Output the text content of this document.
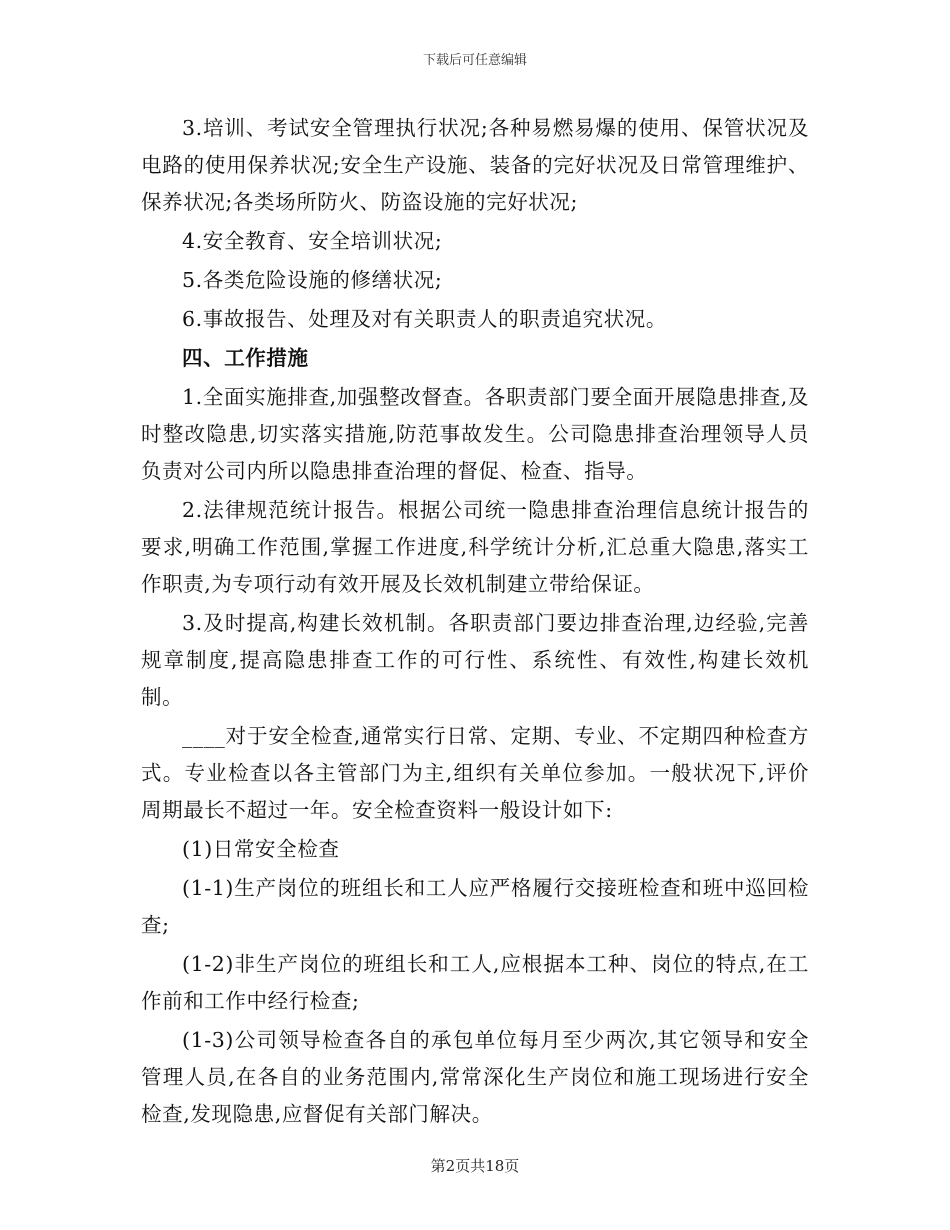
下载后可任意编辑

3.培训、考试安全管理执行状况;各种易燃易爆的使用、保管状况及电路的使用保养状况;安全生产设施、装备的完好状况及日常管理维护、保养状况;各类场所防火、防盗设施的完好状况;

4.安全教育、安全培训状况;

5.各类危险设施的修缮状况;

6.事故报告、处理及对有关职责人的职责追究状况。

四、工作措施

1.全面实施排查,加强整改督查。各职责部门要全面开展隐患排查,及时整改隐患,切实落实措施,防范事故发生。公司隐患排查治理领导人员负责对公司内所以隐患排查治理的督促、检查、指导。

2.法律规范统计报告。根据公司统一隐患排查治理信息统计报告的要求,明确工作范围,掌握工作进度,科学统计分析,汇总重大隐患,落实工作职责,为专项行动有效开展及长效机制建立带给保证。

3.及时提高,构建长效机制。各职责部门要边排查治理,边经验,完善规章制度,提高隐患排查工作的可行性、系统性、有效性,构建长效机制。

____对于安全检查,通常实行日常、定期、专业、不定期四种检查方式。专业检查以各主管部门为主,组织有关单位参加。一般状况下,评价周期最长不超过一年。安全检查资料一般设计如下:

(1)日常安全检查

(1-1)生产岗位的班组长和工人应严格履行交接班检查和班中巡回检查;

(1-2)非生产岗位的班组长和工人,应根据本工种、岗位的特点,在工作前和工作中经行检查;

(1-3)公司领导检查各自的承包单位每月至少两次,其它领导和安全管理人员,在各自的业务范围内,常常深化生产岗位和施工现场进行安全检查,发现隐患,应督促有关部门解决。

第2页共18页
